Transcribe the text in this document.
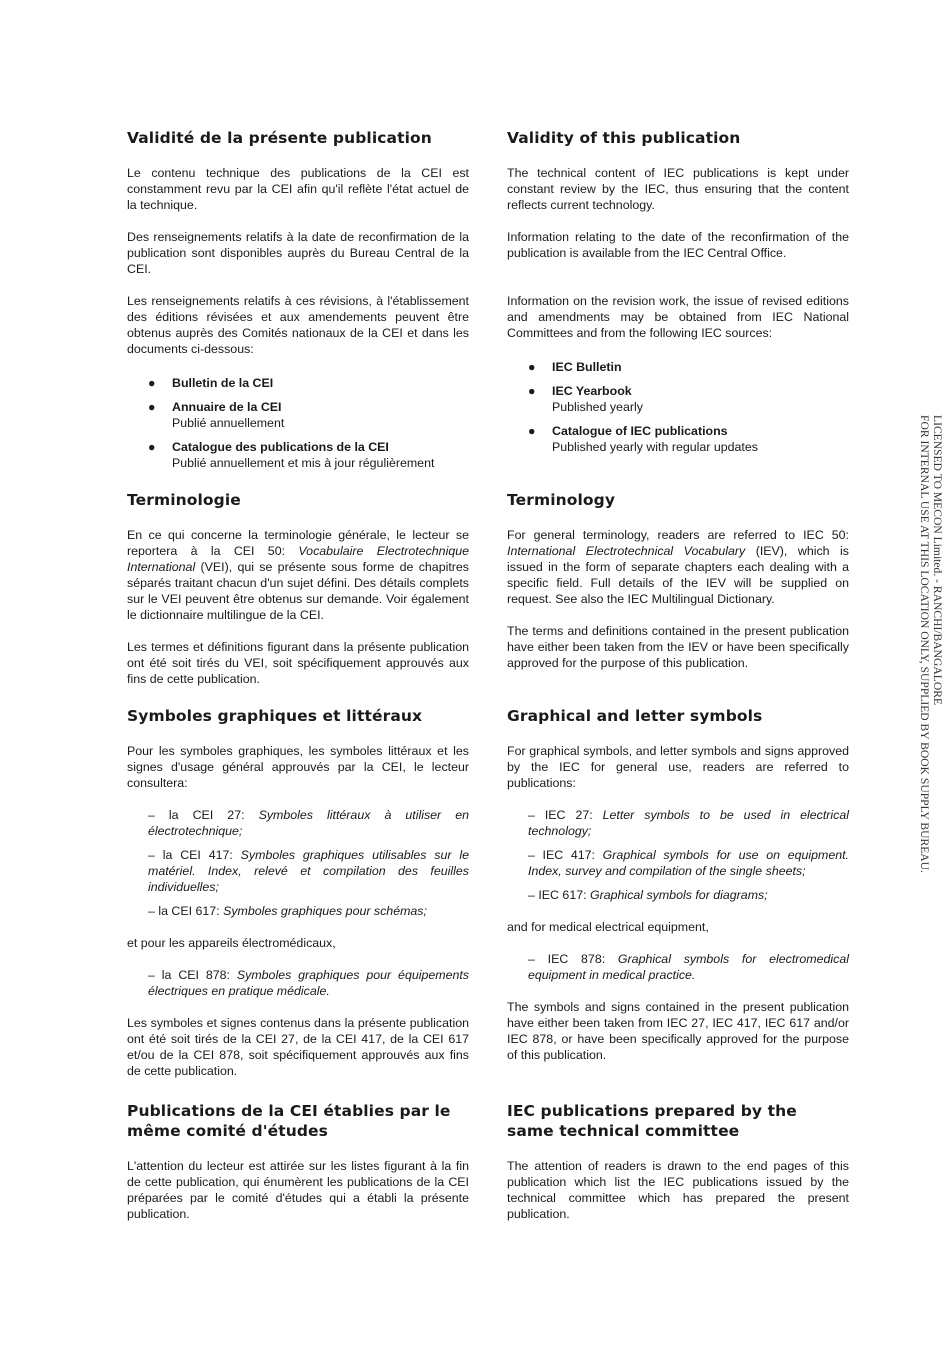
Validité de la présente publication

Le contenu technique des publications de la CEI est constamment revu par la CEI afin qu'il reflète l'état actuel de la technique.

Des renseignements relatifs à la date de reconfirmation de la publication sont disponibles auprès du Bureau Central de la CEI.

Les renseignements relatifs à ces révisions, à l'établissement des éditions révisées et aux amendements peuvent être obtenus auprès des Comités nationaux de la CEI et dans les documents ci-dessous:

● Bulletin de la CEI
● Annuaire de la CEI
Publié annuellement
● Catalogue des publications de la CEI
Publié annuellement et mis à jour régulièrement
Terminologie

En ce qui concerne la terminologie générale, le lecteur se reportera à la CEI 50: Vocabulaire Electrotechnique International (VEI), qui se présente sous forme de chapitres séparés traitant chacun d'un sujet défini. Des détails complets sur le VEI peuvent être obtenus sur demande. Voir également le dictionnaire multilingue de la CEI.

Les termes et définitions figurant dans la présente publication ont été soit tirés du VEI, soit spécifiquement approuvés aux fins de cette publication.

Symboles graphiques et littéraux

Pour les symboles graphiques, les symboles littéraux et les signes d'usage général approuvés par la CEI, le lecteur consultera:

– la CEI 27: Symboles littéraux à utiliser en électrotechnique;
– la CEI 417: Symboles graphiques utilisables sur le matériel. Index, relevé et compilation des feuilles individuelles;
– la CEI 617: Symboles graphiques pour schémas;

et pour les appareils électromédicaux,

– la CEI 878: Symboles graphiques pour équipements électriques en pratique médicale.

Les symboles et signes contenus dans la présente publication ont été soit tirés de la CEI 27, de la CEI 417, de la CEI 617 et/ou de la CEI 878, soit spécifiquement approuvés aux fins de cette publication.

Publications de la CEI établies par le même comité d'études

L'attention du lecteur est attirée sur les listes figurant à la fin de cette publication, qui énumèrent les publications de la CEI préparées par le comité d'études qui a établi la présente publication.

Validity of this publication

The technical content of IEC publications is kept under constant review by the IEC, thus ensuring that the content reflects current technology.

Information relating to the date of the reconfirmation of the publication is available from the IEC Central Office.

Information on the revision work, the issue of revised editions and amendments may be obtained from IEC National Committees and from the following IEC sources:

● IEC Bulletin
● IEC Yearbook
Published yearly
● Catalogue of IEC publications
Published yearly with regular updates
Terminology

For general terminology, readers are referred to IEC 50: International Electrotechnical Vocabulary (IEV), which is issued in the form of separate chapters each dealing with a specific field. Full details of the IEV will be supplied on request. See also the IEC Multilingual Dictionary.

The terms and definitions contained in the present publication have either been taken from the IEV or have been specifically approved for the purpose of this publication.

Graphical and letter symbols

For graphical symbols, and letter symbols and signs approved by the IEC for general use, readers are referred to publications:

– IEC 27: Letter symbols to be used in electrical technology;
– IEC 417: Graphical symbols for use on equipment. Index, survey and compilation of the single sheets;
– IEC 617: Graphical symbols for diagrams;

and for medical electrical equipment,

– IEC 878: Graphical symbols for electromedical equipment in medical practice.

The symbols and signs contained in the present publication have either been taken from IEC 27, IEC 417, IEC 617 and/or IEC 878, or have been specifically approved for the purpose of this publication.

IEC publications prepared by the same technical committee

The attention of readers is drawn to the end pages of this publication which list the IEC publications issued by the technical committee which has prepared the present publication.

LICENSED TO MECON Limited. - RANCHI/BANGALORE
FOR INTERNAL USE AT THIS LOCATION ONLY, SUPPLIED BY BOOK SUPPLY BUREAU.
